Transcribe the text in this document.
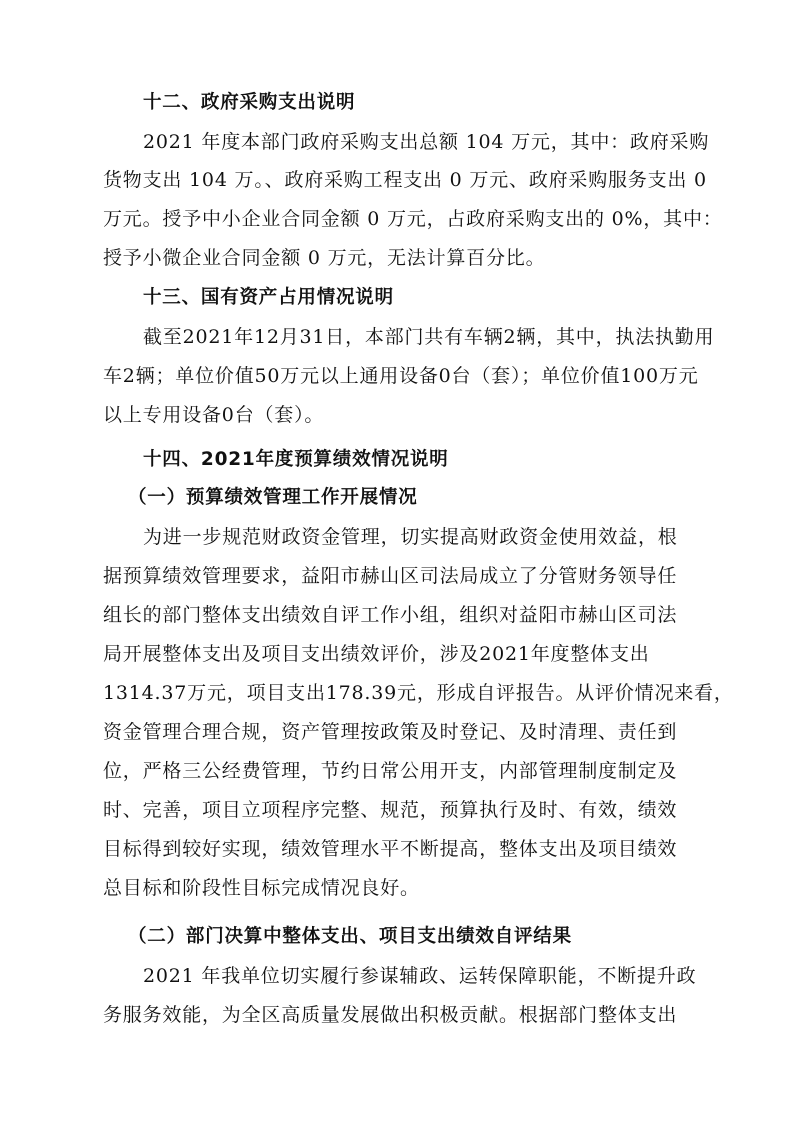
十二、政府采购支出说明
2021 年度本部门政府采购支出总额 104 万元，其中：政府采购
货物支出 104 万。、政府采购工程支出 0 万元、政府采购服务支出 0
万元。授予中小企业合同金额 0 万元，占政府采购支出的 0%，其中：
授予小微企业合同金额 0 万元，无法计算百分比。
十三、国有资产占用情况说明
截至2021年12月31日，本部门共有车辆2辆，其中，执法执勤用
车2辆；单位价值50万元以上通用设备0台（套）；单位价值100万元
以上专用设备0台（套）。
十四、2021年度预算绩效情况说明
（一）预算绩效管理工作开展情况
为进一步规范财政资金管理，切实提高财政资金使用效益，根
据预算绩效管理要求，益阳市赫山区司法局成立了分管财务领导任
组长的部门整体支出绩效自评工作小组，组织对益阳市赫山区司法
局开展整体支出及项目支出绩效评价，涉及2021年度整体支出
1314.37万元，项目支出178.39元，形成自评报告。从评价情况来看，
资金管理合理合规，资产管理按政策及时登记、及时清理、责任到
位，严格三公经费管理，节约日常公用开支，内部管理制度制定及
时、完善，项目立项程序完整、规范，预算执行及时、有效，绩效
目标得到较好实现，绩效管理水平不断提高，整体支出及项目绩效
总目标和阶段性目标完成情况良好。
（二）部门决算中整体支出、项目支出绩效自评结果
2021 年我单位切实履行参谋辅政、运转保障职能，不断提升政
务服务效能，为全区高质量发展做出积极贡献。根据部门整体支出
